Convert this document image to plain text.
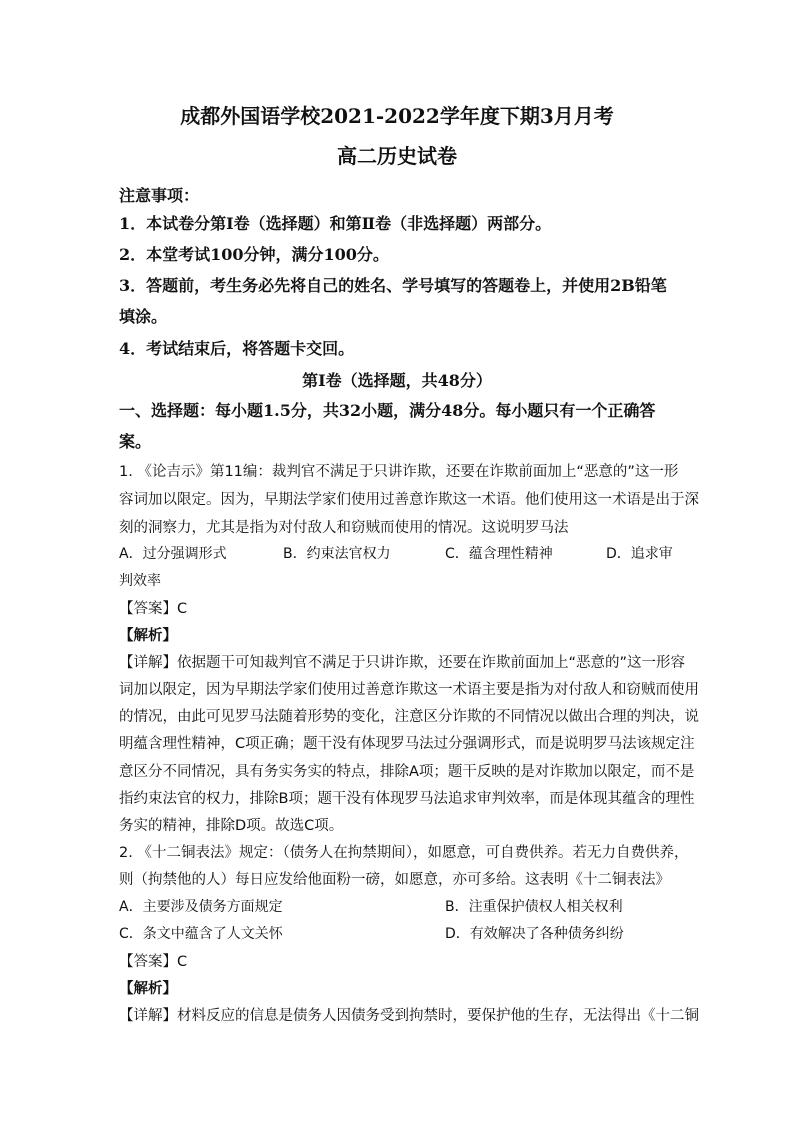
成都外国语学校2021-2022学年度下期3月月考
高二历史试卷
注意事项：
1．本试卷分第Ⅰ卷（选择题）和第Ⅱ卷（非选择题）两部分。
2．本堂考试100分钟，满分100分。
3．答题前，考生务必先将自己的姓名、学号填写的答题卷上，并使用2B铅笔
填涂。
4．考试结束后，将答题卡交回。
第Ⅰ卷（选择题，共48分）
一、选择题：每小题1.5分，共32小题，满分48分。每小题只有一个正确答
案。
1. 《论吉示》第11编：裁判官不满足于只讲诈欺，还要在诈欺前面加上“恶意的”这一形
容词加以限定。因为，早期法学家们使用过善意诈欺这一术语。他们使用这一术语是出于深
刻的洞察力，尤其是指为对付敌人和窃贼而使用的情况。这说明罗马法
A．过分强调形式	B．约束法官权力	C．蕴含理性精神	D．追求审
判效率
【答案】C
【解析】
【详解】依据题干可知裁判官不满足于只讲诈欺，还要在诈欺前面加上“恶意的”这一形容
词加以限定，因为早期法学家们使用过善意诈欺这一术语主要是指为对付敌人和窃贼而使用
的情况，由此可见罗马法随着形势的变化，注意区分诈欺的不同情况以做出合理的判决，说
明蕴含理性精神，C项正确；题干没有体现罗马法过分强调形式，而是说明罗马法该规定注
意区分不同情况，具有务实务实的特点，排除A项；题干反映的是对诈欺加以限定，而不是
指约束法官的权力，排除B项；题干没有体现罗马法追求审判效率，而是体现其蕴含的理性
务实的精神，排除D项。故选C项。
2. 《十二铜表法》规定：（债务人在拘禁期间），如愿意，可自费供养。若无力自费供养，
则（拘禁他的人）每日应发给他面粉一磅，如愿意，亦可多给。这表明《十二铜表法》
A．主要涉及债务方面规定	B．注重保护债权人相关权利
C．条文中蕴含了人文关怀	D．有效解决了各种债务纠纷
【答案】C
【解析】
【详解】材料反应的信息是债务人因债务受到拘禁时，要保护他的生存，无法得出《十二铜
